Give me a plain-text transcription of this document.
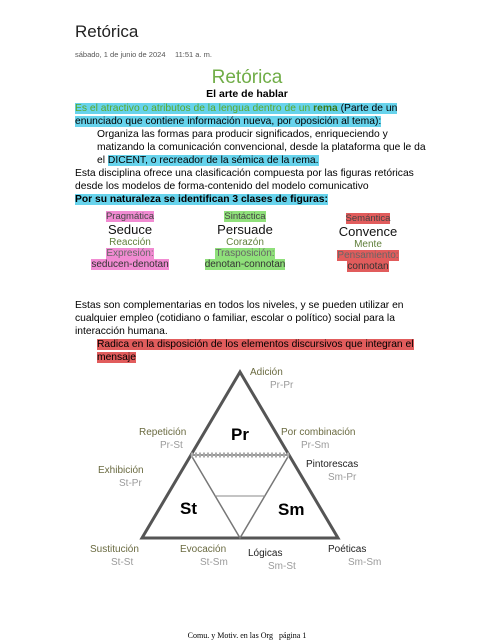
Retórica
sábado, 1 de junio de 2024 11:51 a. m.
Retórica
El arte de hablar
Es el atractivo o atributos de la lengua dentro de un rema (Parte de un
enunciado que contiene información nueva, por oposición al tema):
Organiza las formas para producir significados, enriqueciendo y
matizando la comunicación convencional, desde la plataforma que le da
el DICENT, o recreador de la sémica de la rema.
Esta disciplina ofrece una clasificación compuesta por las figuras retóricas
desde los modelos de forma-contenido del modelo comunicativo
Por su naturaleza se identifican 3 clases de figuras:
Pragmática
Seduce
Reacción
Expresión:
seducen-denotan
Sintáctica
Persuade
Corazón
Trasposición:
denotan-connotan
Semántica
Convence
Mente
Pensamiento:
connotan
Estas son complementarias en todos los niveles, y se pueden utilizar en
cualquier empleo (cotidiano o familiar, escolar o político) social para la
interacción humana.
Radica en la disposición de los elementos discursivos que integran el
mensaje
Pr
St	Sm
Adición
Pr-Pr
Repetición
Pr-St
Por combinación
Pr-Sm
Exhibición
St-Pr
Pintorescas
Sm-Pr
Sustitución
St-St
Evocación
St-Sm
Lógicas
Sm-St
Poéticas
Sm-Sm
Comu. y Motiv. en las Org página 1
